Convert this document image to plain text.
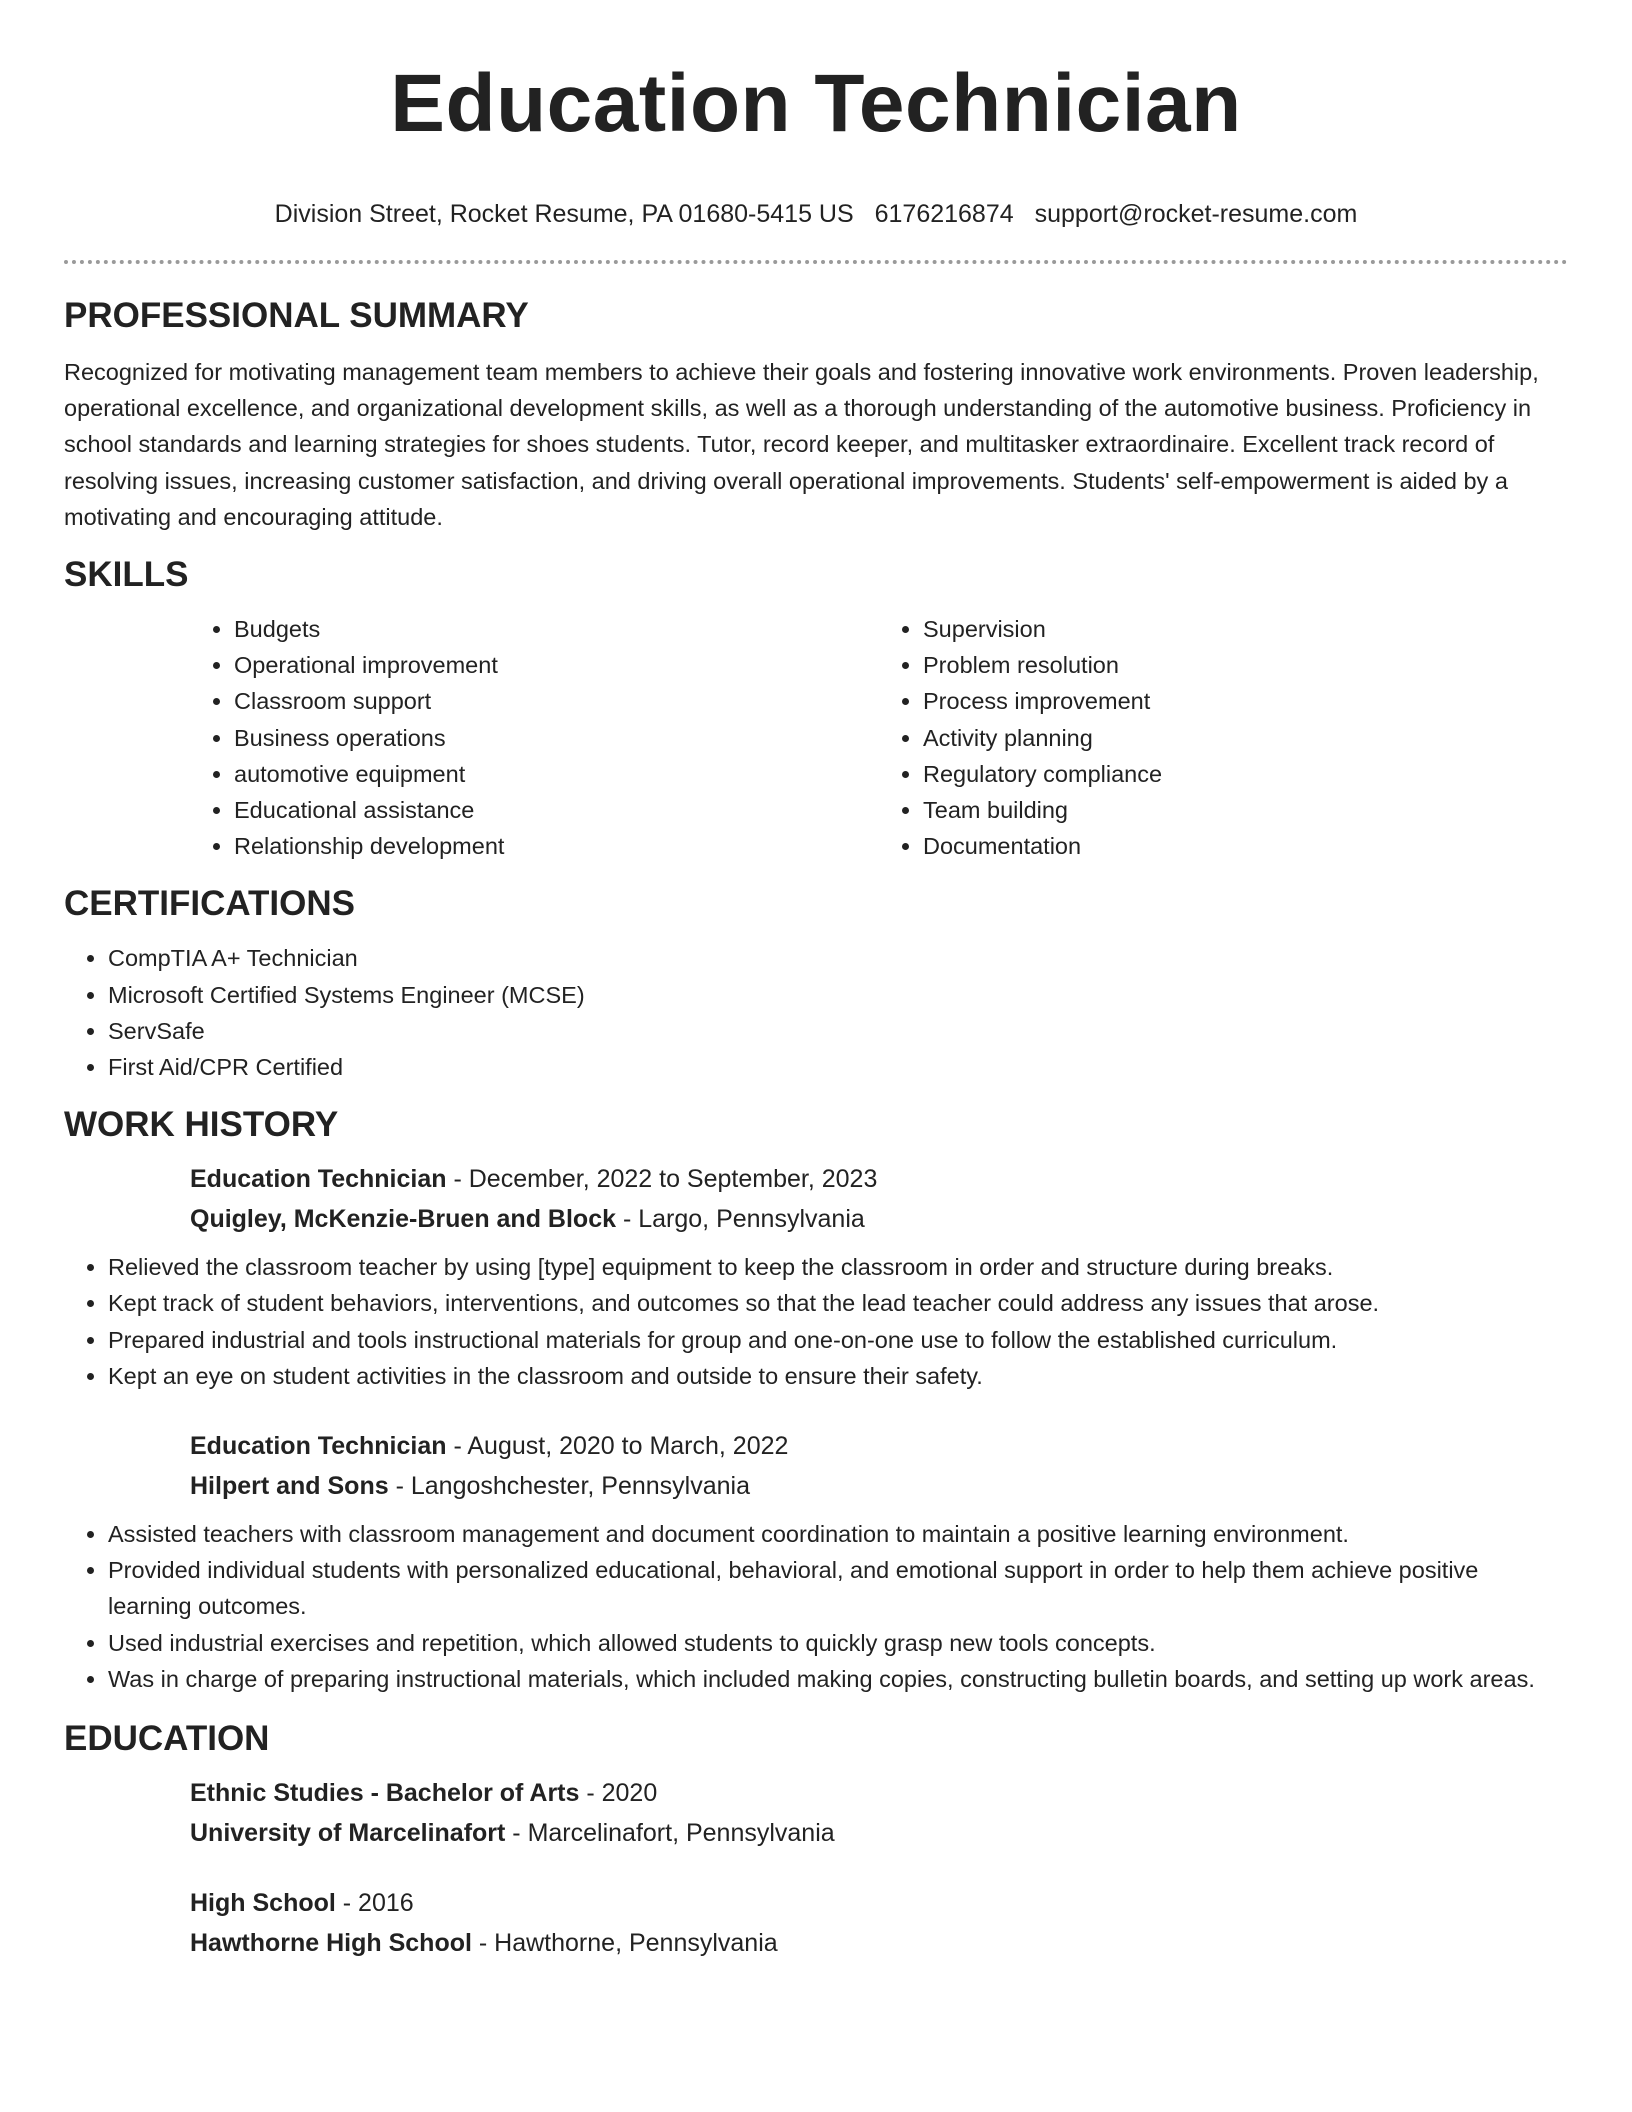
Education Technician
Division Street, Rocket Resume, PA 01680-5415 US 6176216874 support@rocket-resume.com
PROFESSIONAL SUMMARY

Recognized for motivating management team members to achieve their goals and fostering innovative work environments. Proven leadership, operational excellence, and organizational development skills, as well as a thorough understanding of the automotive business. Proficiency in school standards and learning strategies for shoes students. Tutor, record keeper, and multitasker extraordinaire. Excellent track record of resolving issues, increasing customer satisfaction, and driving overall operational improvements. Students' self-empowerment is aided by a motivating and encouraging attitude.

SKILLS
• Budgets
• Operational improvement
• Classroom support
• Business operations
• automotive equipment
• Educational assistance
• Relationship development
• Supervision
• Problem resolution
• Process improvement
• Activity planning
• Regulatory compliance
• Team building
• Documentation
CERTIFICATIONS
• CompTIA A+ Technician
• Microsoft Certified Systems Engineer (MCSE)
• ServSafe
• First Aid/CPR Certified
WORK HISTORY
Education Technician - December, 2022 to September, 2023
Quigley, McKenzie-Bruen and Block - Largo, Pennsylvania
• Relieved the classroom teacher by using [type] equipment to keep the classroom in order and structure during breaks.
• Kept track of student behaviors, interventions, and outcomes so that the lead teacher could address any issues that arose.
• Prepared industrial and tools instructional materials for group and one-on-one use to follow the established curriculum.
• Kept an eye on student activities in the classroom and outside to ensure their safety.
Education Technician - August, 2020 to March, 2022
Hilpert and Sons - Langoshchester, Pennsylvania
• Assisted teachers with classroom management and document coordination to maintain a positive learning environment.
• Provided individual students with personalized educational, behavioral, and emotional support in order to help them achieve positive learning outcomes.
• Used industrial exercises and repetition, which allowed students to quickly grasp new tools concepts.
• Was in charge of preparing instructional materials, which included making copies, constructing bulletin boards, and setting up work areas.
EDUCATION
Ethnic Studies - Bachelor of Arts - 2020
University of Marcelinafort - Marcelinafort, Pennsylvania
High School - 2016
Hawthorne High School - Hawthorne, Pennsylvania
